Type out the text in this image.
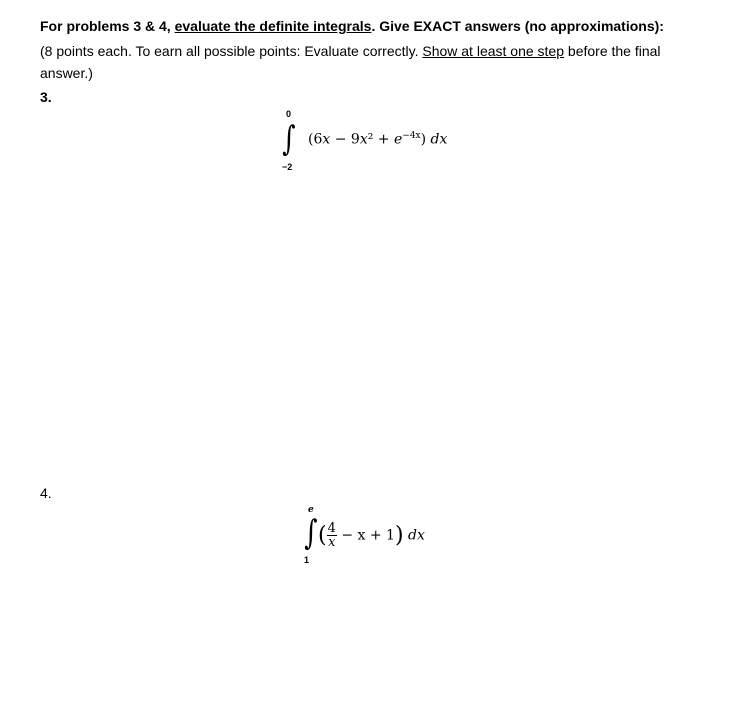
For problems 3 & 4, evaluate the definite integrals. Give EXACT answers (no approximations):
(8 points each. To earn all possible points: Evaluate correctly. Show at least one step before the final
answer.)
3.
0
∫
−2
$(6x - 9x^2 + e^{-4x})$ dx
4.
e
∫
1
( $\frac{4}{x} - x + 1$) dx
